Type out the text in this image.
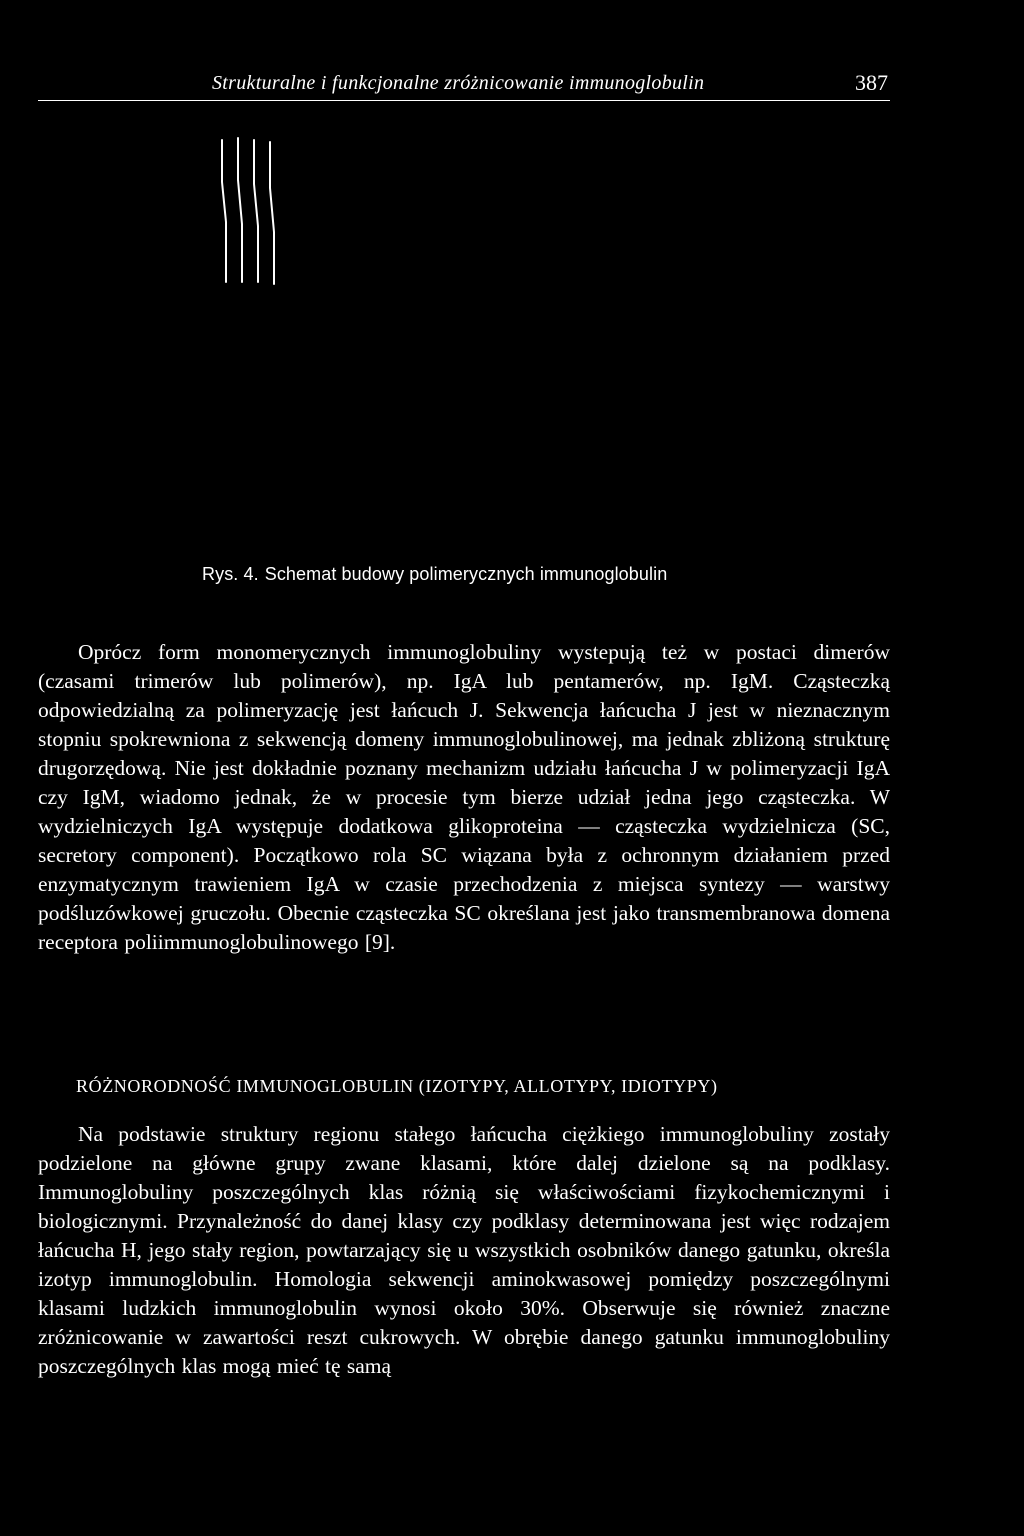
Strukturalne i funkcjonalne zróżnicowanie immunoglobulin	387
Rys. 4. Schemat budowy polimerycznych immunoglobulin

Oprócz form monomerycznych immunoglobuliny wystepują też w postaci dimerów (czasami trimerów lub polimerów), np. IgA lub pentamerów, np. IgM. Cząsteczką odpowiedzialną za polimeryzację jest łańcuch J. Sekwencja łańcucha J jest w nieznacznym stopniu spokrewniona z sekwencją domeny immunoglobulinowej, ma jednak zbliżoną strukturę drugorzędową. Nie jest dokładnie poznany mechanizm udziału łańcucha J w polimeryzacji IgA czy IgM, wiadomo jednak, że w procesie tym bierze udział jedna jego cząsteczka. W wydzielniczych IgA występuje dodatkowa glikoproteina — cząsteczka wydzielnicza (SC, secretory component). Początkowo rola SC wiązana była z ochronnym działaniem przed enzymatycznym trawieniem IgA w czasie przechodzenia z miejsca syntezy — warstwy podśluzówkowej gruczołu. Obecnie cząsteczka SC określana jest jako transmembranowa domena receptora poliimmunoglobulinowego [9].

RÓŻNORODNOŚĆ IMMUNOGLOBULIN (IZOTYPY, ALLOTYPY, IDIOTYPY)

Na podstawie struktury regionu stałego łańcucha ciężkiego immunoglobuliny zostały podzielone na główne grupy zwane klasami, które dalej dzielone są na podklasy. Immunoglobuliny poszczególnych klas różnią się właściwościami fizykochemicznymi i biologicznymi. Przynależność do danej klasy czy podklasy determinowana jest więc rodzajem łańcucha H, jego stały region, powtarzający się u wszystkich osobników danego gatunku, określa izotyp immunoglobulin. Homologia sekwencji aminokwasowej pomiędzy poszczególnymi klasami ludzkich immunoglobulin wynosi około 30%. Obserwuje się również znaczne zróżnicowanie w zawartości reszt cukrowych. W obrębie danego gatunku immunoglobuliny poszczególnych klas mogą mieć tę samą
